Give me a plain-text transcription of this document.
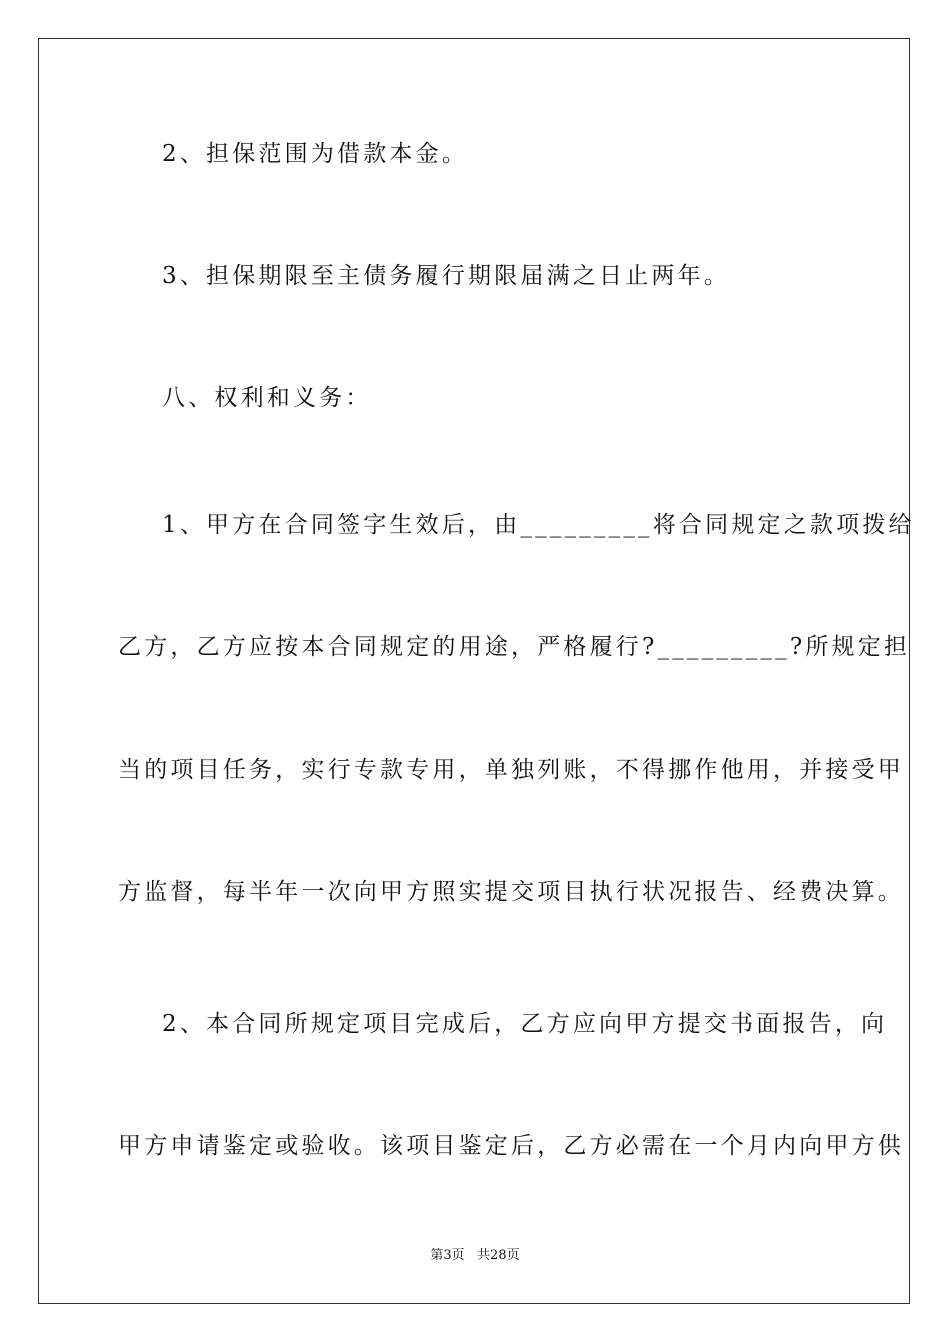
2、担保范围为借款本金。
3、担保期限至主债务履行期限届满之日止两年。
八、权利和义务：
1、甲方在合同签字生效后，由_________将合同规定之款项拨给
乙方，乙方应按本合同规定的用途，严格履行?_________?所规定担
当的项目任务，实行专款专用，单独列账，不得挪作他用，并接受甲
方监督，每半年一次向甲方照实提交项目执行状况报告、经费决算。
2、本合同所规定项目完成后，乙方应向甲方提交书面报告，向
甲方申请鉴定或验收。该项目鉴定后，乙方必需在一个月内向甲方供
第3页   共28页
